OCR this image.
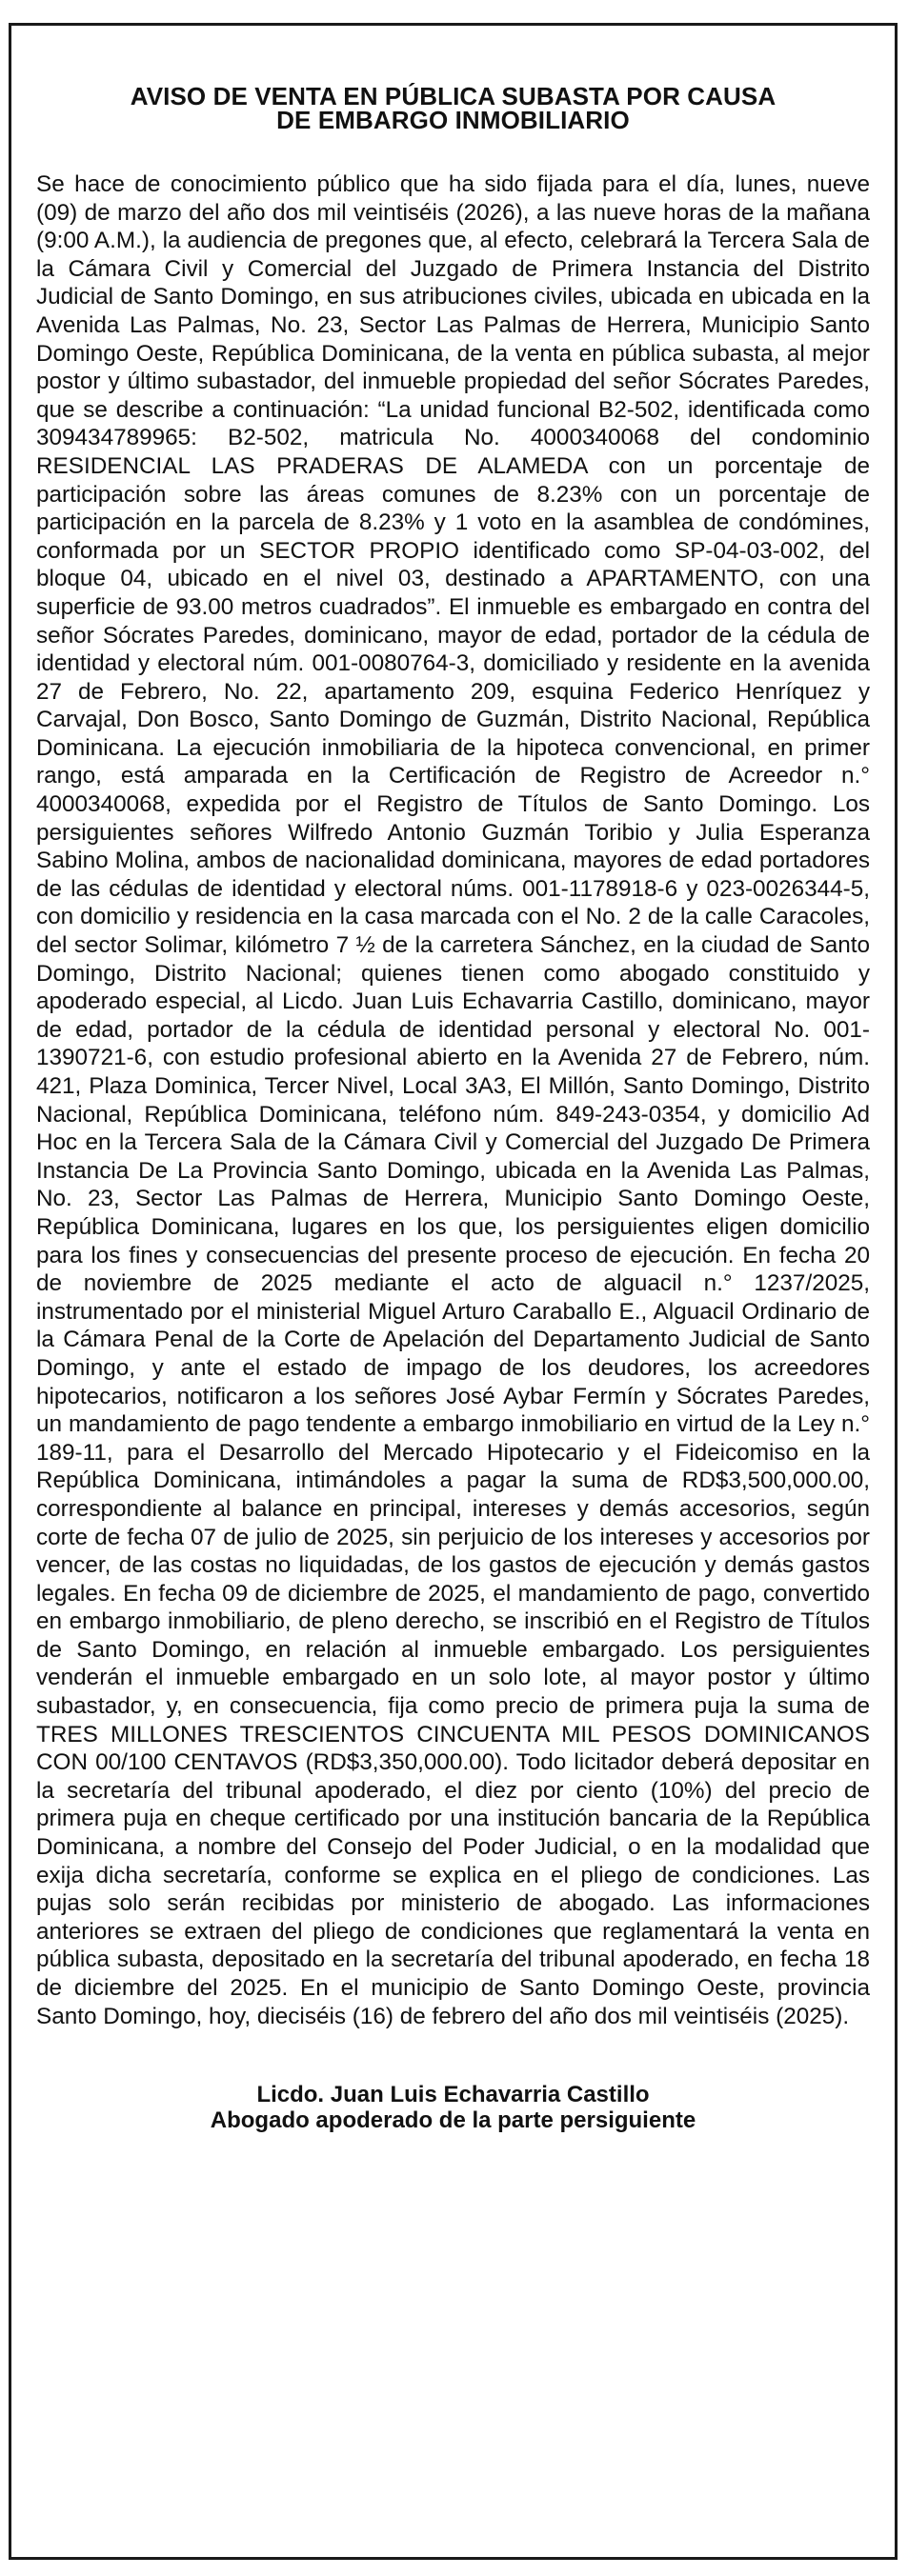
AVISO DE VENTA EN PÚBLICA SUBASTA POR CAUSA
DE EMBARGO INMOBILIARIO

Se hace de conocimiento público que ha sido fijada para el día, lunes, nueve (09) de marzo del año dos mil veintiséis (2026), a las nueve horas de la mañana (9:00 A.M.), la audiencia de pregones que, al efecto, celebrará la Tercera Sala de la Cámara Civil y Comercial del Juzgado de Primera Instancia del Distrito Judicial de Santo Domingo, en sus atribuciones civiles, ubicada en ubicada en la Avenida Las Palmas, No. 23, Sector Las Palmas de Herrera, Municipio Santo Domingo Oeste, República Dominicana, de la venta en pública subasta, al mejor postor y último subastador, del inmueble propiedad del señor Sócrates Paredes, que se describe a continuación: “La unidad funcional B2-502, identificada como 309434789965: B2-502, matricula No. 4000340068 del condominio RESIDENCIAL LAS PRADERAS DE ALAMEDA con un porcentaje de participación sobre las áreas comunes de 8.23% con un porcentaje de participación en la parcela de 8.23% y 1 voto en la asamblea de condómines, conformada por un SECTOR PROPIO identificado como SP-04-03-002, del bloque 04, ubicado en el nivel 03, destinado a APARTAMENTO, con una superficie de 93.00 metros cuadrados”. El inmueble es embargado en contra del señor Sócrates Paredes, dominicano, mayor de edad, portador de la cédula de identidad y electoral núm. 001-0080764-3, domiciliado y residente en la avenida 27 de Febrero, No. 22, apartamento 209, esquina Federico Henríquez y Carvajal, Don Bosco, Santo Domingo de Guzmán, Distrito Nacional, República Dominicana. La ejecución inmobiliaria de la hipoteca convencional, en primer rango, está amparada en la Certificación de Registro de Acreedor n.° 4000340068, expedida por el Registro de Títulos de Santo Domingo. Los persiguientes señores Wilfredo Antonio Guzmán Toribio y Julia Esperanza Sabino Molina, ambos de nacionalidad dominicana, mayores de edad portadores de las cédulas de identidad y electoral núms. 001-1178918-6 y 023-0026344-5, con domicilio y residencia en la casa marcada con el No. 2 de la calle Caracoles, del sector Solimar, kilómetro 7 ½ de la carretera Sánchez, en la ciudad de Santo Domingo, Distrito Nacional; quienes tienen como abogado constituido y apoderado especial, al Licdo. Juan Luis Echavarria Castillo, dominicano, mayor de edad, portador de la cédula de identidad personal y electoral No. 001-1390721-6, con estudio profesional abierto en la Avenida 27 de Febrero, núm. 421, Plaza Dominica, Tercer Nivel, Local 3A3, El Millón, Santo Domingo, Distrito Nacional, República Dominicana, teléfono núm. 849-243-0354, y domicilio Ad Hoc en la Tercera Sala de la Cámara Civil y Comercial del Juzgado De Primera Instancia De La Provincia Santo Domingo, ubicada en la Avenida Las Palmas, No. 23, Sector Las Palmas de Herrera, Municipio Santo Domingo Oeste, República Dominicana, lugares en los que, los persiguientes eligen domicilio para los fines y consecuencias del presente proceso de ejecución. En fecha 20 de noviembre de 2025 mediante el acto de alguacil n.° 1237/2025, instrumentado por el ministerial Miguel Arturo Caraballo E., Alguacil Ordinario de la Cámara Penal de la Corte de Apelación del Departamento Judicial de Santo Domingo, y ante el estado de impago de los deudores, los acreedores hipotecarios, notificaron a los señores José Aybar Fermín y Sócrates Paredes, un mandamiento de pago tendente a embargo inmobiliario en virtud de la Ley n.° 189-11, para el Desarrollo del Mercado Hipotecario y el Fideicomiso en la República Dominicana, intimándoles a pagar la suma de RD$3,500,000.00, correspondiente al balance en principal, intereses y demás accesorios, según corte de fecha 07 de julio de 2025, sin perjuicio de los intereses y accesorios por vencer, de las costas no liquidadas, de los gastos de ejecución y demás gastos legales. En fecha 09 de diciembre de 2025, el mandamiento de pago, convertido en embargo inmobiliario, de pleno derecho, se inscribió en el Registro de Títulos de Santo Domingo, en relación al inmueble embargado. Los persiguientes venderán el inmueble embargado en un solo lote, al mayor postor y último subastador, y, en consecuencia, fija como precio de primera puja la suma de TRES MILLONES TRESCIENTOS CINCUENTA MIL PESOS DOMINICANOS CON 00/100 CENTAVOS (RD$3,350,000.00). Todo licitador deberá depositar en la secretaría del tribunal apoderado, el diez por ciento (10%) del precio de primera puja en cheque certificado por una institución bancaria de la República Dominicana, a nombre del Consejo del Poder Judicial, o en la modalidad que exija dicha secretaría, conforme se explica en el pliego de condiciones. Las pujas solo serán recibidas por ministerio de abogado. Las informaciones anteriores se extraen del pliego de condiciones que reglamentará la venta en pública subasta, depositado en la secretaría del tribunal apoderado, en fecha 18 de diciembre del 2025. En el municipio de Santo Domingo Oeste, provincia Santo Domingo, hoy, dieciséis (16) de febrero del año dos mil veintiséis (2025).

Licdo. Juan Luis Echavarria Castillo
Abogado apoderado de la parte persiguiente
